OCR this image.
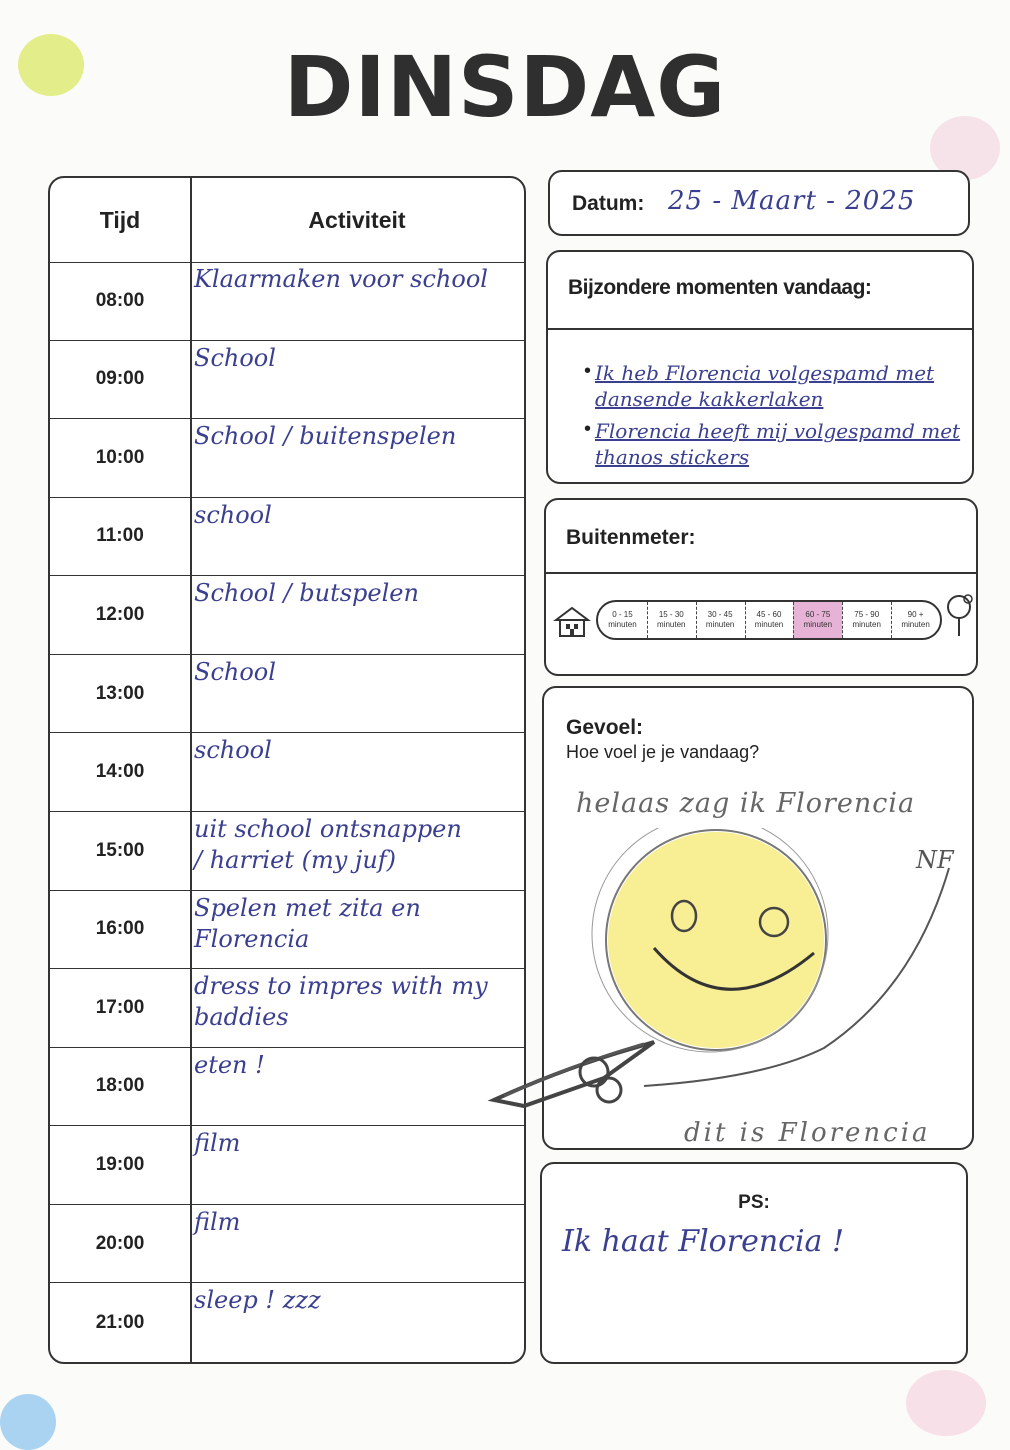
DINSDAG
Tijd	Activiteit
08:00
Klaarmaken voor school
09:00
School
10:00
School / buitenspelen
11:00
school
12:00
School / butspelen
13:00
School
14:00
school
15:00
uit school ontsnappen
/ harriet (my juf)
16:00
Spelen met zita en
Florencia
17:00
dress to impres with my
baddies
18:00
eten !
19:00
film
20:00
film
21:00
sleep ! zzz
Datum: 25 - Maart - 2025
Bijzondere momenten vandaag:
• Ik heb Florencia volgespamd met dansende kakkerlaken
• Florencia heeft mij volgespamd met thanos stickers
Buitenmeter:
0 - 15
minuten
15 - 30
minuten
30 - 45
minuten
45 - 60
minuten
60 - 75
minuten
75 - 90
minuten
90 +
minuten
Gevoel:
Hoe voel je je vandaag?
helaas zag ik Florencia
NF
dit is Florencia
PS:
Ik haat Florencia !
